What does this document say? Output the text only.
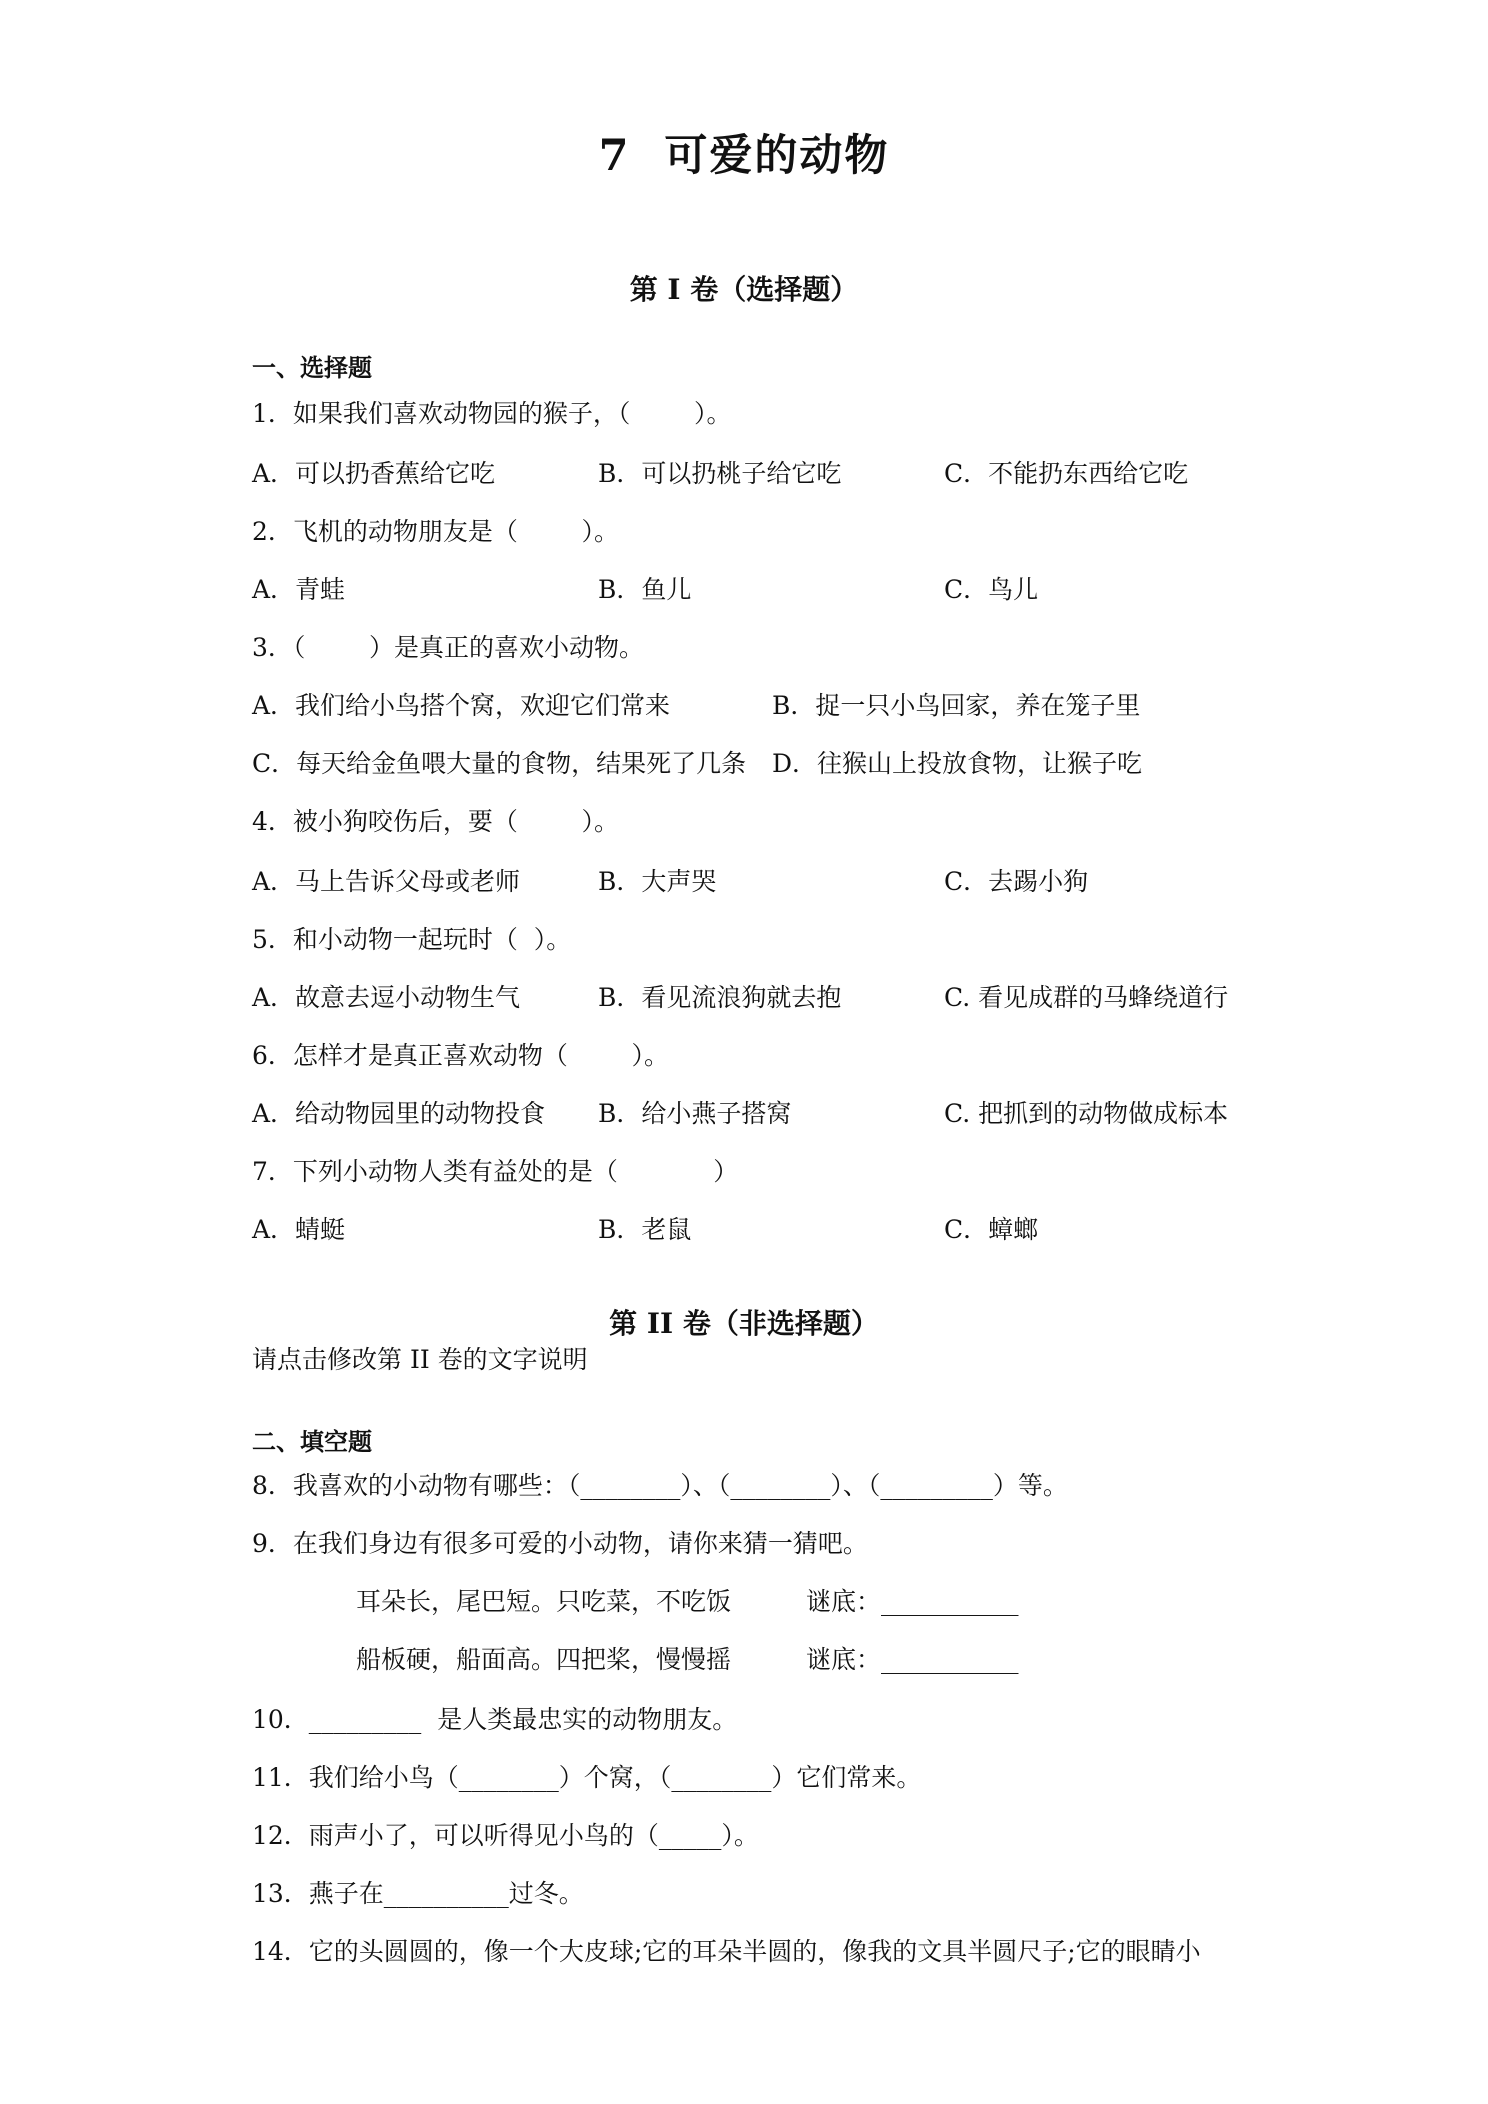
7  可爱的动物
第 I 卷（选择题）
一、选择题
1．如果我们喜欢动物园的猴子，（        ）。
A．可以扔香蕉给它吃	B．可以扔桃子给它吃	C．不能扔东西给它吃
2．飞机的动物朋友是（        ）。
A．青蛙	B．鱼儿	C．鸟儿
3．（        ）是真正的喜欢小动物。
A．我们给小鸟搭个窝，欢迎它们常来	B．捉一只小鸟回家，养在笼子里
C．每天给金鱼喂大量的食物，结果死了几条 D．往猴山上投放食物，让猴子吃
4．被小狗咬伤后，要（        ）。
A．马上告诉父母或老师	B．大声哭	C．去踢小狗
5．和小动物一起玩时（  ）。
A．故意去逗小动物生气	B．看见流浪狗就去抱	C. 看见成群的马蜂绕道行
6．怎样才是真正喜欢动物（        ）。
A．给动物园里的动物投食 B．给小燕子搭窝	C. 把抓到的动物做成标本
7．下列小动物人类有益处的是（            ）
A．蜻蜓	B．老鼠	C．蟑螂
第 II 卷（非选择题）
请点击修改第 II 卷的文字说明
二、填空题
8．我喜欢的小动物有哪些：（________）、（________）、（_________）等。
9．在我们身边有很多可爱的小动物，请你来猜一猜吧。
耳朵长，尾巴短。只吃菜，不吃饭	谜底：___________
船板硬，船面高。四把桨，慢慢摇	谜底：___________
10．_________  是人类最忠实的动物朋友。
11．我们给小鸟（________）个窝，（________）它们常来。
12．雨声小了，可以听得见小鸟的（_____）。
13．燕子在__________过冬。
14．它的头圆圆的，像一个大皮球;它的耳朵半圆的，像我的文具半圆尺子;它的眼睛小
